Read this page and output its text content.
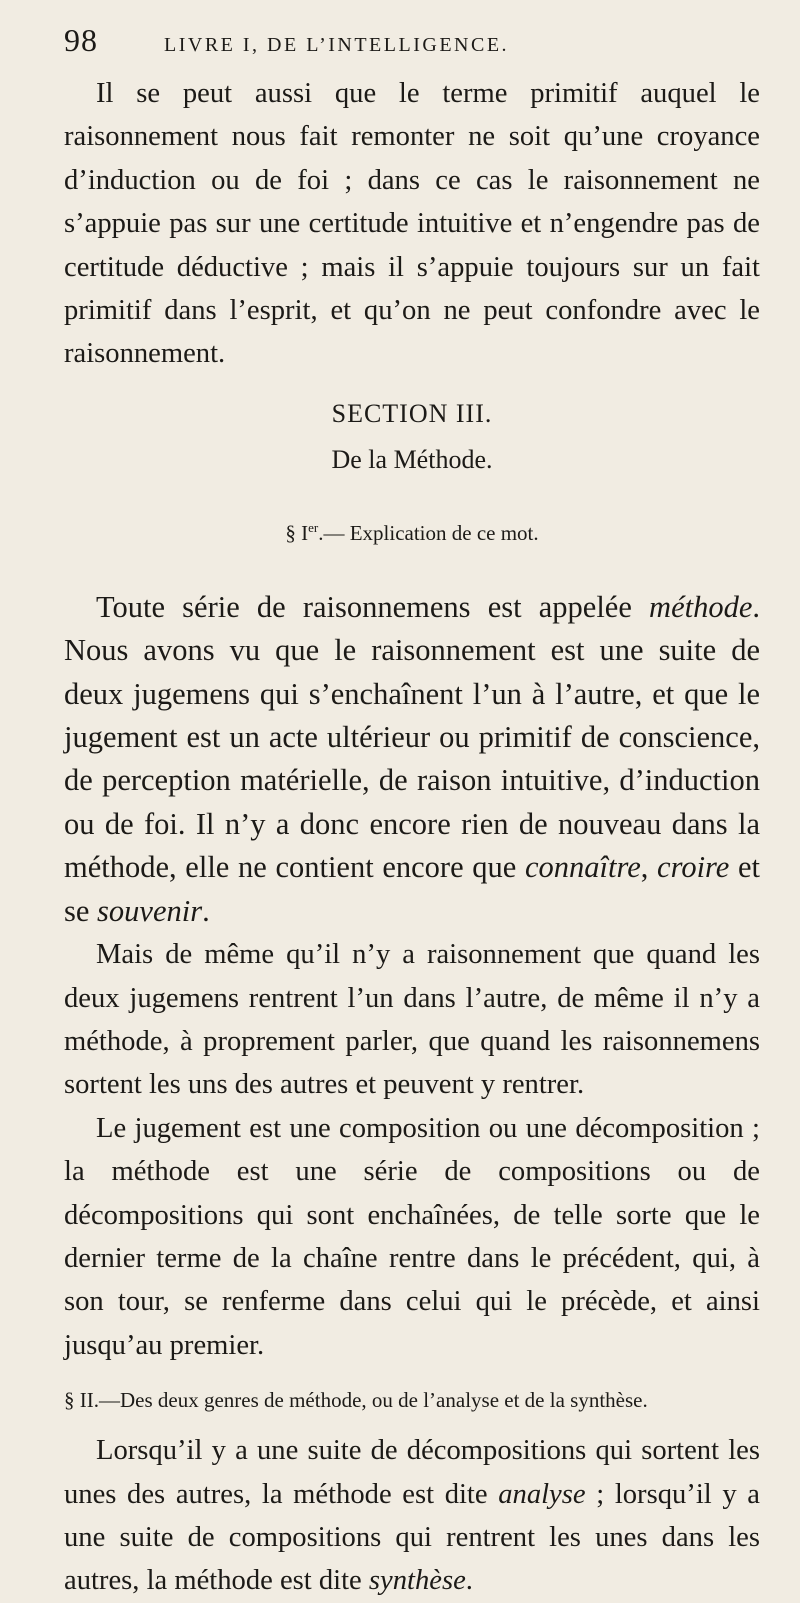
98	LIVRE I, DE L’INTELLIGENCE.

Il se peut aussi que le terme primitif auquel le raisonnement nous fait remonter ne soit qu’une croyance d’induction ou de foi ; dans ce cas le raisonnement ne s’appuie pas sur une certitude intuitive et n’engendre pas de certitude déductive ; mais il s’appuie toujours sur un fait primitif dans l’esprit, et qu’on ne peut confondre avec le raisonnement.

SECTION III.
De la Méthode.
§ Ier.— Explication de ce mot.

Toute série de raisonnemens est appelée méthode. Nous avons vu que le raisonnement est une suite de deux jugemens qui s’enchaînent l’un à l’autre, et que le jugement est un acte ultérieur ou primitif de conscience, de perception matérielle, de raison intuitive, d’induction ou de foi. Il n’y a donc encore rien de nouveau dans la méthode, elle ne contient encore que connaître, croire et se souvenir.

Mais de même qu’il n’y a raisonnement que quand les deux jugemens rentrent l’un dans l’autre, de même il n’y a méthode, à proprement parler, que quand les raisonnemens sortent les uns des autres et peuvent y rentrer.

Le jugement est une composition ou une décomposition ; la méthode est une série de compositions ou de décompositions qui sont enchaînées, de telle sorte que le dernier terme de la chaîne rentre dans le précédent, qui, à son tour, se renferme dans celui qui le précède, et ainsi jusqu’au premier.

§ II.—Des deux genres de méthode, ou de l’analyse et de la synthèse.

Lorsqu’il y a une suite de décompositions qui sortent les unes des autres, la méthode est dite analyse ; lorsqu’il y a une suite de compositions qui rentrent les unes dans les autres, la méthode est dite synthèse.
